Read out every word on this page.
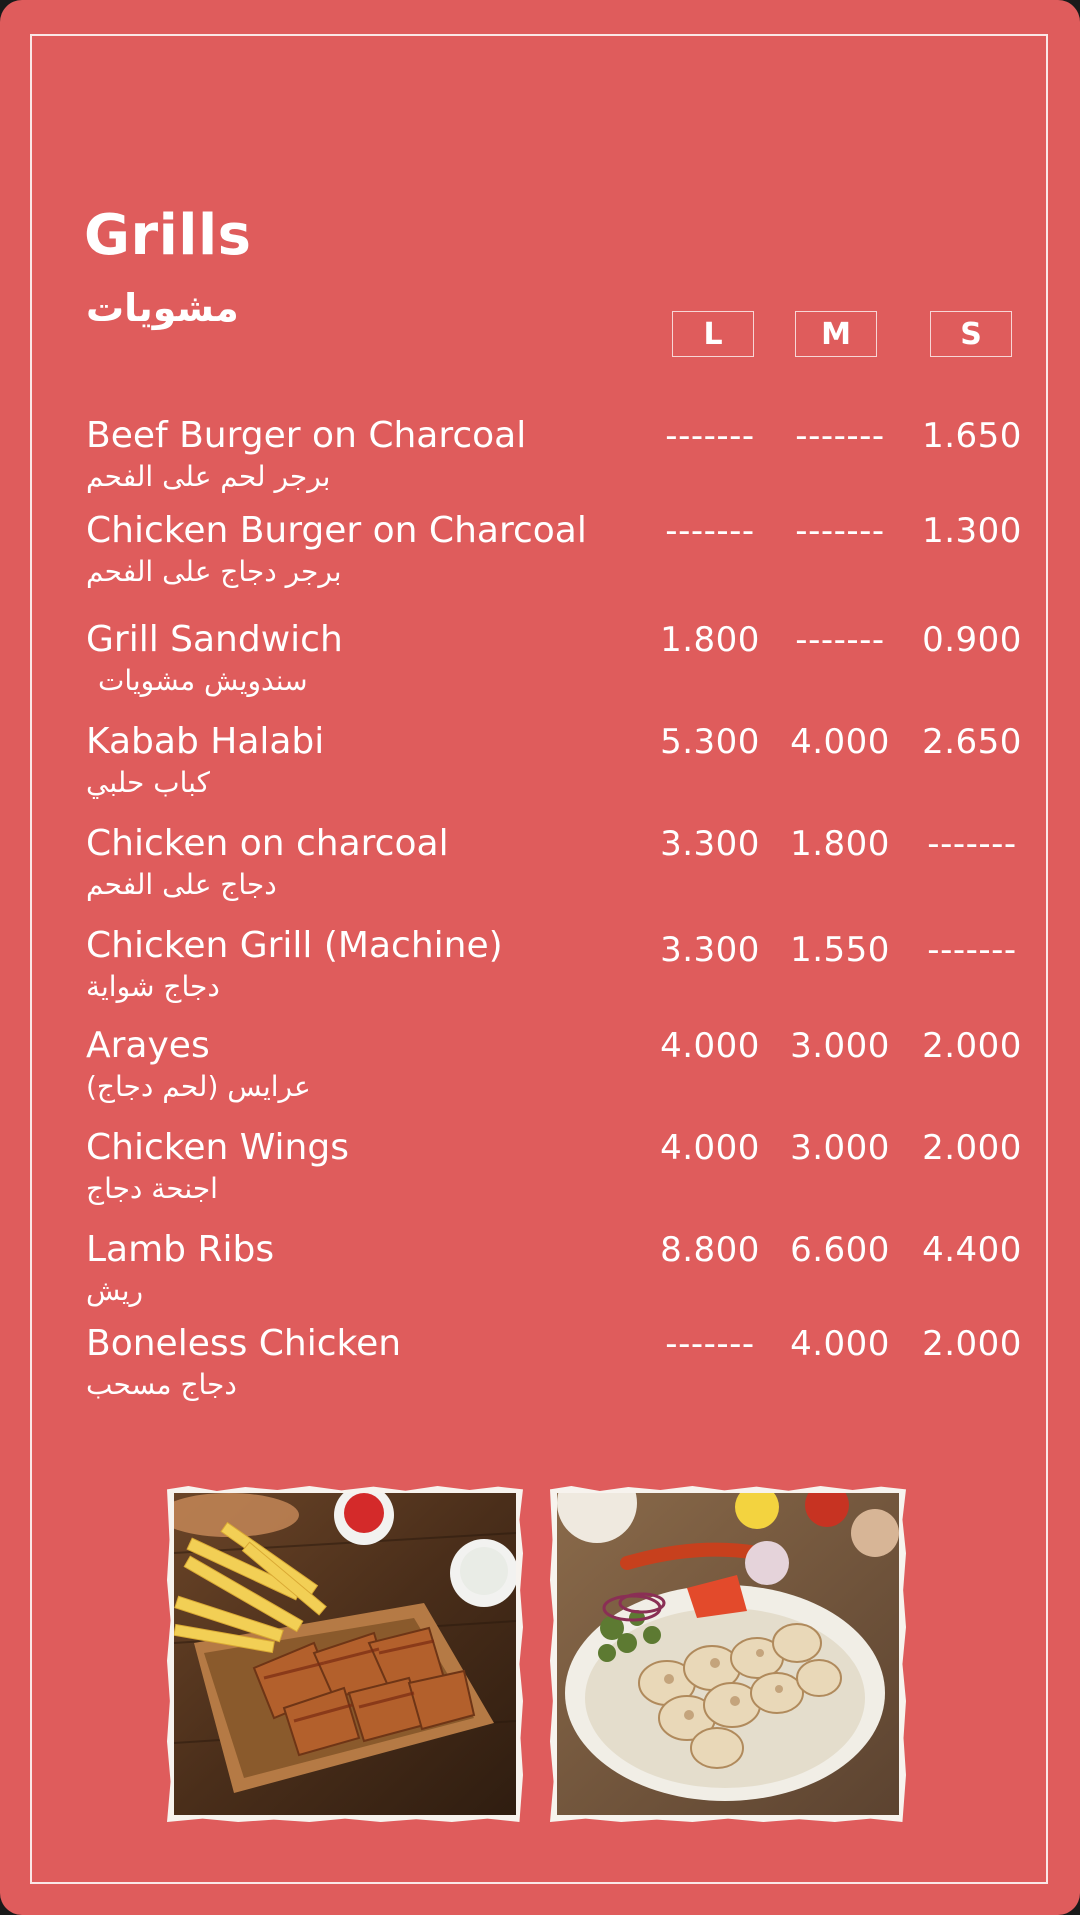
Grills
مشويات
L	M	S
Beef Burger on Charcoal
برجر لحم على الفحم
-------	-------	1.650
Chicken Burger on Charcoal
برجر دجاج على الفحم
-------	-------	1.300
Grill Sandwich
سندويش مشويات
1.800	-------	0.900
Kabab Halabi
كباب حلبي
5.300 4.000 2.650
Chicken on charcoal
دجاج على الفحم
3.300 1.800	-------
Chicken Grill (Machine)
دجاج شواية
3.300 1.550	-------
Arayes
عرايس (لحم دجاج)
4.000 3.000 2.000
Chicken Wings
اجنحة دجاج
4.000 3.000 2.000
Lamb Ribs
ريش
8.800 6.600 4.400
Boneless Chicken
دجاج مسحب
-------	4.000 2.000
